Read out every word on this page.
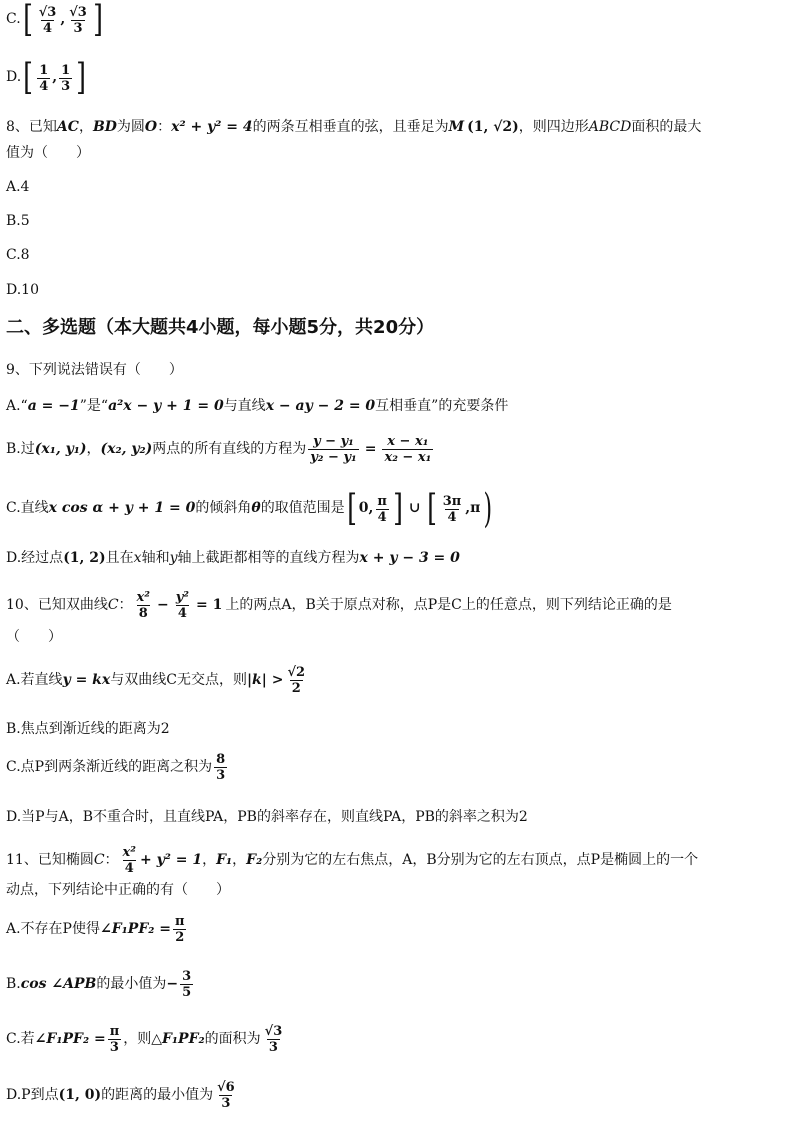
C. [ $\frac{√3}{4}$ , $\frac{√3}{3}$ ]
D. [ $\frac{1}{4}$ , $\frac{1}{3}$ ]
8、已知 AC ， BD 为圆 O ： x² + y² = 4 的两条互相垂直的弦，且垂足为 M (1, √2) ，则四边形 ABCD 面积的最大
值为（　　）
A.4
B.5
C.8
D.10
二、多选题（本大题共4小题，每小题5分，共20分）
9、下列说法错误有（　　）
A.“ a = −1 ”是“ a²x − y + 1 = 0 与直线 x − ay − 2 = 0 互相垂直”的充要条件
B.过 (x₁, y₁) ， (x₂, y₂) 两点的所有直线的方程为 $\frac{\text{y − y₁}}{\text{y₂ − y₁}} = \frac{\text{x − x₁}}{\text{x₂ − x₁}}$
C.直线 x cos α + y + 1 = 0 的倾斜角 θ 的取值范围是 [ 0, $\frac{\pi}{4}$ ] ∪ [ $\frac{3\pi}{4} ,\pi$ )
D.经过点 (1, 2) 且在 x 轴和 y 轴上截距都相等的直线方程为 x + y − 3 = 0
10、已知双曲线 C ： $\frac{\text{x²}}{8} - \frac{\text{y²}}{4} = 1$ 上的两点A，B关于原点对称，点P是C上的任意点，则下列结论正确的是
（　　）
A.若直线 y = kx 与双曲线C无交点，则 $|k| > \frac{√2}{2}$
B.焦点到渐近线的距离为2
C.点P到两条渐近线的距离之积为 $\frac{8}{3}$
D.当P与A，B不重合时，且直线PA，PB的斜率存在，则直线PA，PB的斜率之积为2
11、已知椭圆 C ： $\frac{\text{x²}}{4} + y^2 = 1$ ， F₁ ， F₂ 分别为它的左右焦点，A，B分别为它的左右顶点，点P是椭圆上的一个
动点，下列结论中正确的有（　　）
A.不存在P使得 ∠F₁PF₂ = $\frac{\pi}{2}$
B. cos ∠APB 的最小值为 − $\frac{3}{5}$
C.若 ∠F₁PF₂ = $\frac{\pi}{3}$ ，则△ F₁PF₂ 的面积为 $\frac{√3}{3}$
D.P到点 (1, 0) 的距离的最小值为 $\frac{√6}{3}$
